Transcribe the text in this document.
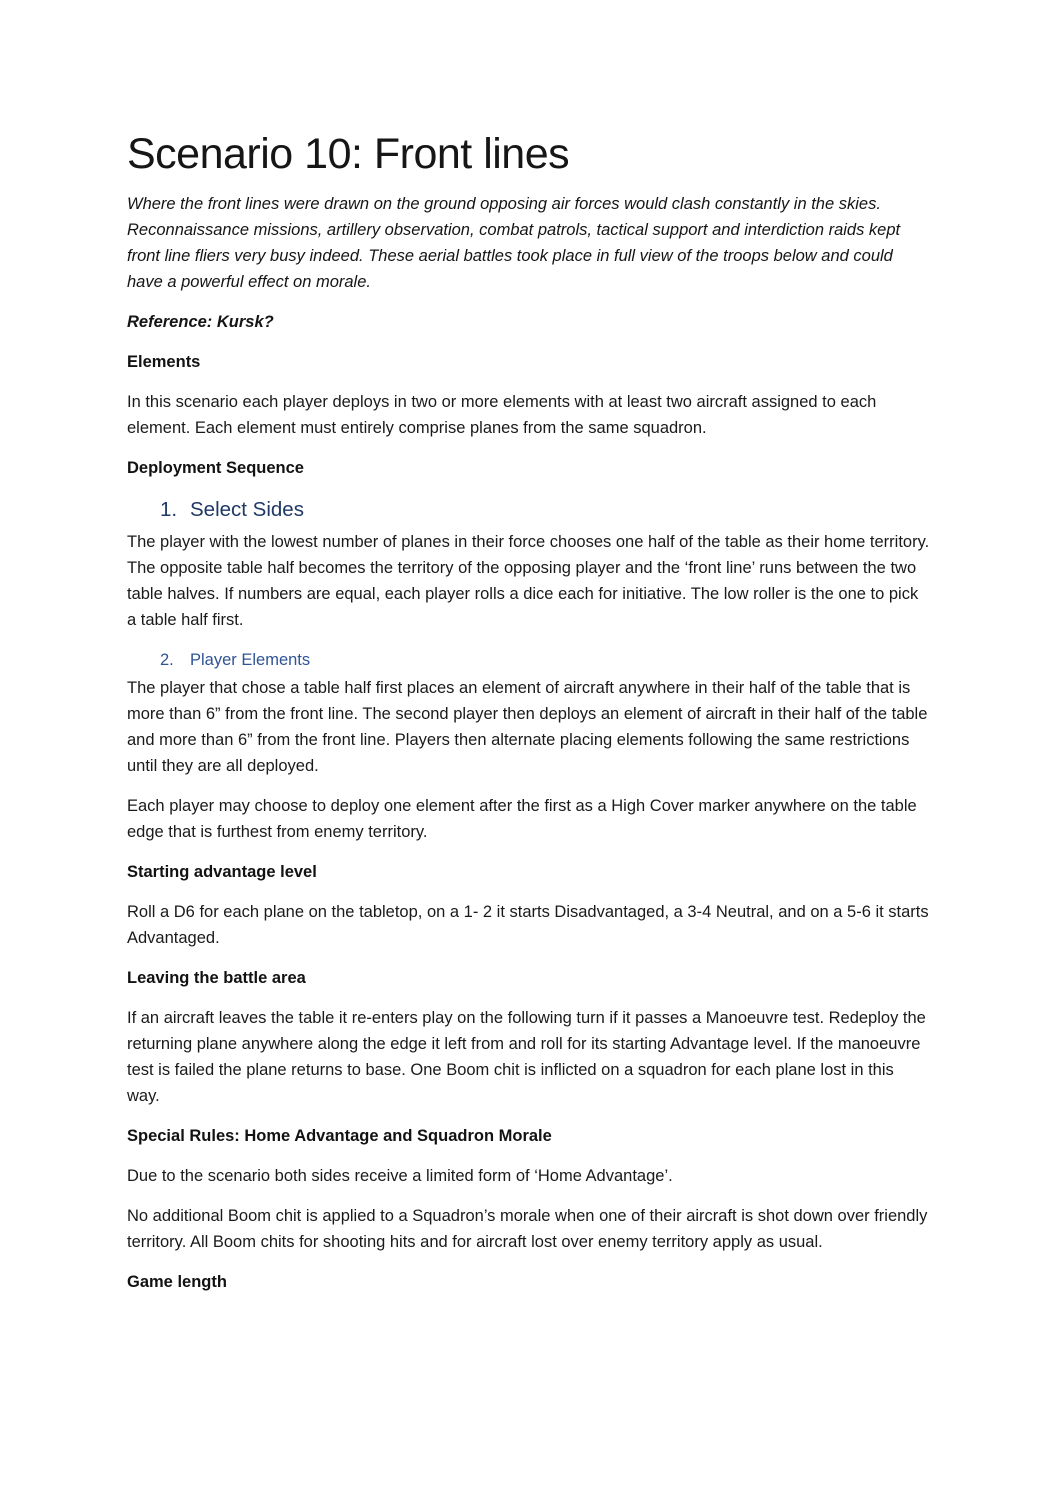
Scenario 10: Front lines

Where the front lines were drawn on the ground opposing air forces would clash constantly in the skies. Reconnaissance missions, artillery observation, combat patrols, tactical support and interdiction raids kept front line fliers very busy indeed. These aerial battles took place in full view of the troops below and could have a powerful effect on morale.

Reference: Kursk?

Elements

In this scenario each player deploys in two or more elements with at least two aircraft assigned to each element. Each element must entirely comprise planes from the same squadron.

Deployment Sequence
1. Select Sides

The player with the lowest number of planes in their force chooses one half of the table as their home territory. The opposite table half becomes the territory of the opposing player and the ‘front line’ runs between the two table halves. If numbers are equal, each player rolls a dice each for initiative. The low roller is the one to pick a table half first.

2. Player Elements

The player that chose a table half first places an element of aircraft anywhere in their half of the table that is more than 6” from the front line. The second player then deploys an element of aircraft in their half of the table and more than 6” from the front line. Players then alternate placing elements following the same restrictions until they are all deployed.

Each player may choose to deploy one element after the first as a High Cover marker anywhere on the table edge that is furthest from enemy territory.

Starting advantage level

Roll a D6 for each plane on the tabletop, on a 1- 2 it starts Disadvantaged, a 3-4 Neutral, and on a 5-6 it starts Advantaged.

Leaving the battle area

If an aircraft leaves the table it re-enters play on the following turn if it passes a Manoeuvre test. Redeploy the returning plane anywhere along the edge it left from and roll for its starting Advantage level. If the manoeuvre test is failed the plane returns to base. One Boom chit is inflicted on a squadron for each plane lost in this way.

Special Rules: Home Advantage and Squadron Morale

Due to the scenario both sides receive a limited form of ‘Home Advantage’.

No additional Boom chit is applied to a Squadron’s morale when one of their aircraft is shot down over friendly territory. All Boom chits for shooting hits and for aircraft lost over enemy territory apply as usual.

Game length
